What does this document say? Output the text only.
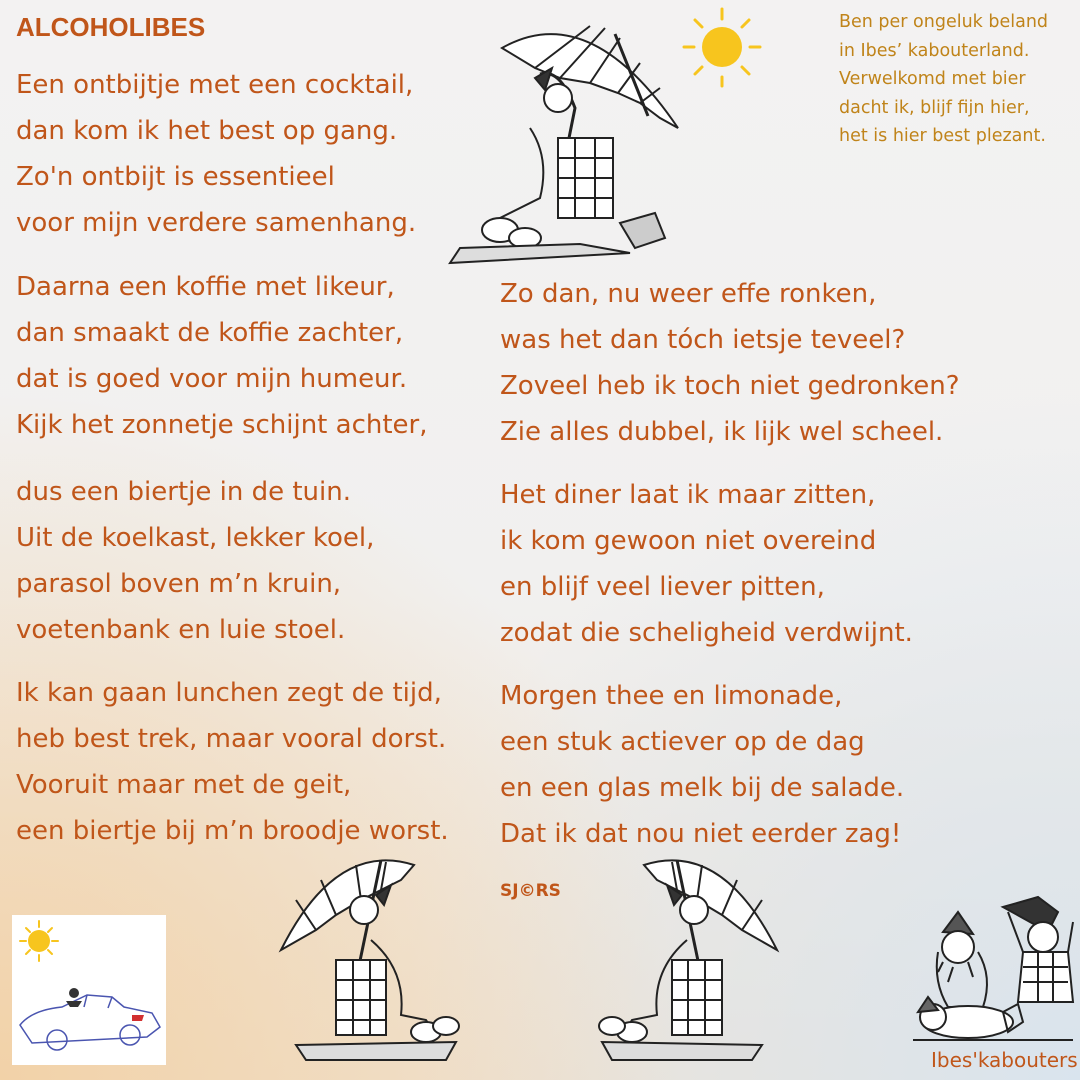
ALCOHOLIBES
Een ontbijtje met een cocktail,
dan kom ik het best op gang.
Zo'n ontbijt is essentieel
voor mijn verdere samenhang.
Daarna een koffie met likeur,
dan smaakt de koffie zachter,
dat is goed voor mijn humeur.
Kijk het zonnetje schijnt achter,
dus een biertje in de tuin.
Uit de koelkast, lekker koel,
parasol boven m’n kruin,
voetenbank en luie stoel.
Ik kan gaan lunchen zegt de tijd,
heb best trek, maar vooral dorst.
Vooruit maar met de geit,
een biertje bij m’n broodje worst.
Zo dan, nu weer effe ronken,
was het dan tóch ietsje teveel?
Zoveel heb ik toch niet gedronken?
Zie alles dubbel, ik lijk wel scheel.
Het diner laat ik maar zitten,
ik kom gewoon niet overeind
en blijf veel liever pitten,
zodat die scheligheid verdwijnt.
Morgen thee en limonade,
een stuk actiever op de dag
en een glas melk bij de salade.
Dat ik dat nou niet eerder zag!
Ben per ongeluk beland
in Ibes’ kabouterland.
Verwelkomd met bier
dacht ik, blijf fijn hier,
het is hier best plezant.
SJ©RS
Ibes'kabouters
